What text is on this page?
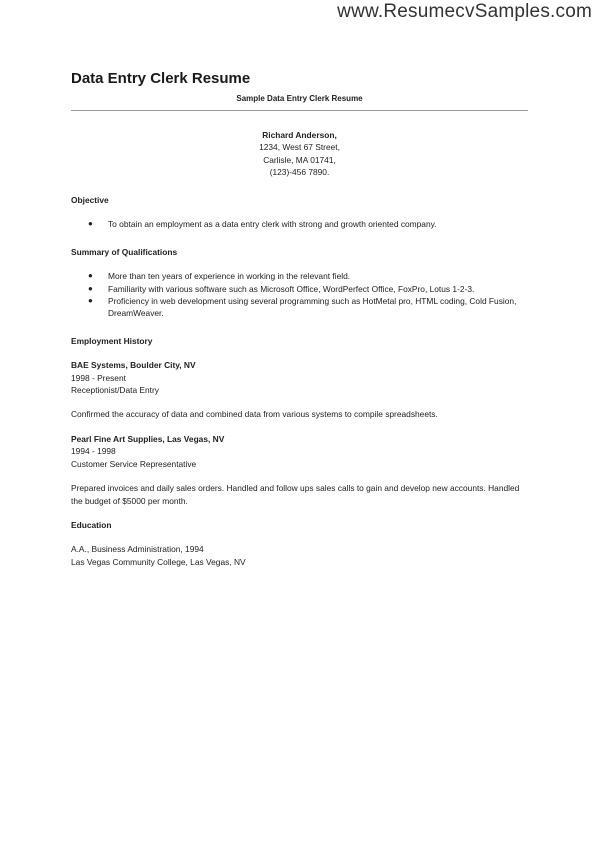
www.ResumecvSamples.com
Data Entry Clerk Resume
Sample Data Entry Clerk Resume
Richard Anderson,
1234, West 67 Street,
Carlisle, MA 01741,
(123)-456 7890.

Objective

● To obtain an employment as a data entry clerk with strong and growth oriented company.

Summary of Qualifications

● More than ten years of experience in working in the relevant field.
● Familiarity with various software such as Microsoft Office, WordPerfect Office, FoxPro, Lotus 1-2-3.
● Proficiency in web development using several programming such as HotMetal pro, HTML coding, Cold Fusion, DreamWeaver.

Employment History

BAE Systems, Boulder City, NV
1998 - Present
Receptionist/Data Entry
Confirmed the accuracy of data and combined data from various systems to compile spreadsheets.
Pearl Fine Art Supplies, Las Vegas, NV
1994 - 1998
Customer Service Representative
Prepared invoices and daily sales orders. Handled and follow ups sales calls to gain and develop new accounts. Handled the budget of $5000 per month.

Education

A.A., Business Administration, 1994
Las Vegas Community College, Las Vegas, NV
